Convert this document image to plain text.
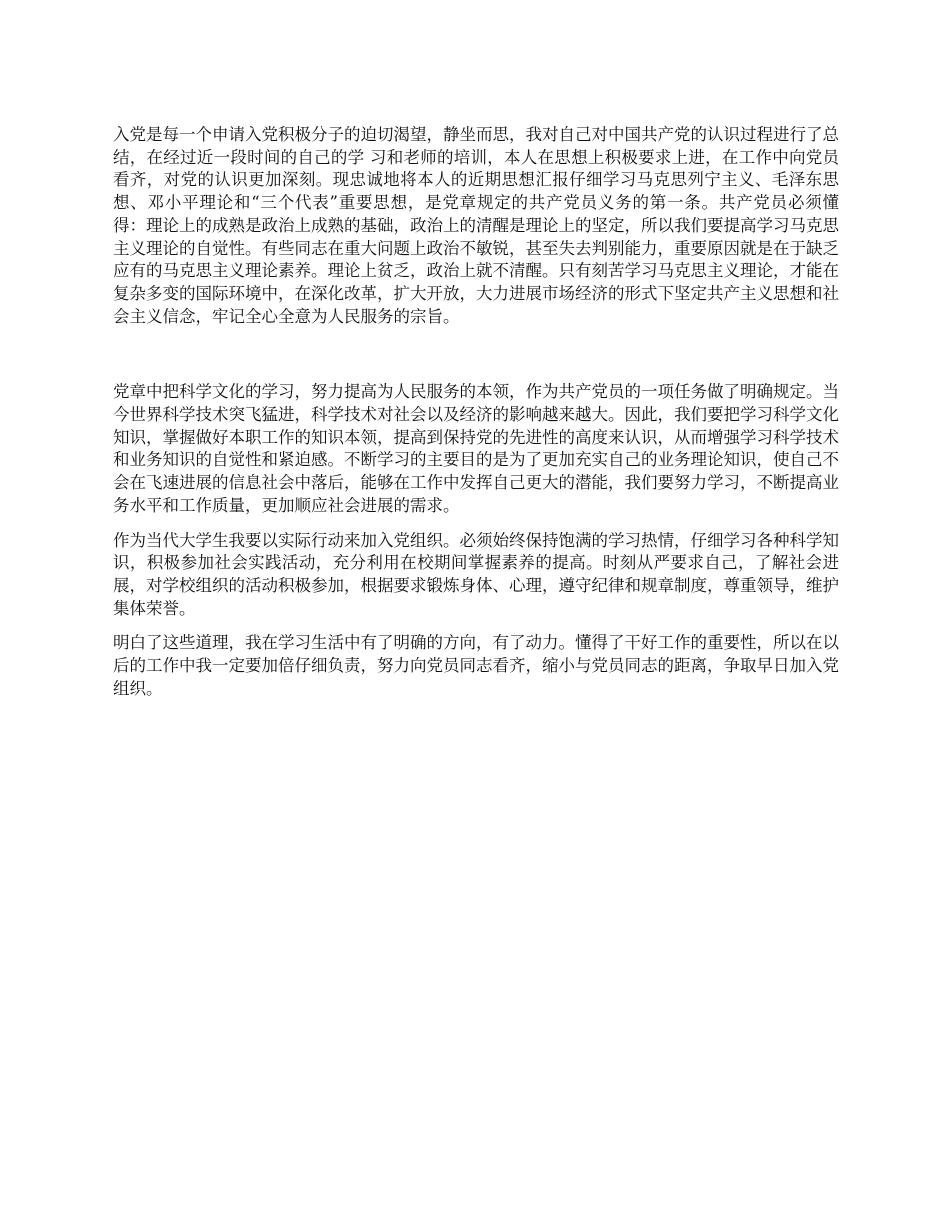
入党是每一个申请入党积极分子的迫切渴望，静坐而思，我对自己对中国共产党的认识过程进行了总结，在经过近一段时间的自己的学 习和老师的培训，本人在思想上积极要求上进，在工作中向党员看齐，对党的认识更加深刻。现忠诚地将本人的近期思想汇报仔细学习马克思列宁主义、毛泽东思想、邓小平理论和“三个代表”重要思想，是党章规定的共产党员义务的第一条。共产党员必须懂得：理论上的成熟是政治上成熟的基础，政治上的清醒是理论上的坚定，所以我们要提高学习马克思主义理论的自觉性。有些同志在重大问题上政治不敏锐，甚至失去判别能力，重要原因就是在于缺乏应有的马克思主义理论素养。理论上贫乏，政治上就不清醒。只有刻苦学习马克思主义理论，才能在复杂多变的国际环境中，在深化改革，扩大开放，大力进展市场经济的形式下坚定共产主义思想和社会主义信念，牢记全心全意为人民服务的宗旨。

党章中把科学文化的学习，努力提高为人民服务的本领，作为共产党员的一项任务做了明确规定。当今世界科学技术突飞猛进，科学技术对社会以及经济的影响越来越大。因此，我们要把学习科学文化知识，掌握做好本职工作的知识本领，提高到保持党的先进性的高度来认识，从而增强学习科学技术和业务知识的自觉性和紧迫感。不断学习的主要目的是为了更加充实自己的业务理论知识，使自己不会在飞速进展的信息社会中落后，能够在工作中发挥自己更大的潜能，我们要努力学习，不断提高业务水平和工作质量，更加顺应社会进展的需求。

作为当代大学生我要以实际行动来加入党组织。必须始终保持饱满的学习热情，仔细学习各种科学知识，积极参加社会实践活动，充分利用在校期间掌握素养的提高。时刻从严要求自己，了解社会进展，对学校组织的活动积极参加，根据要求锻炼身体、心理，遵守纪律和规章制度，尊重领导，维护集体荣誉。

明白了这些道理，我在学习生活中有了明确的方向，有了动力。懂得了干好工作的重要性，所以在以后的工作中我一定要加倍仔细负责，努力向党员同志看齐，缩小与党员同志的距离，争取早日加入党组织。
